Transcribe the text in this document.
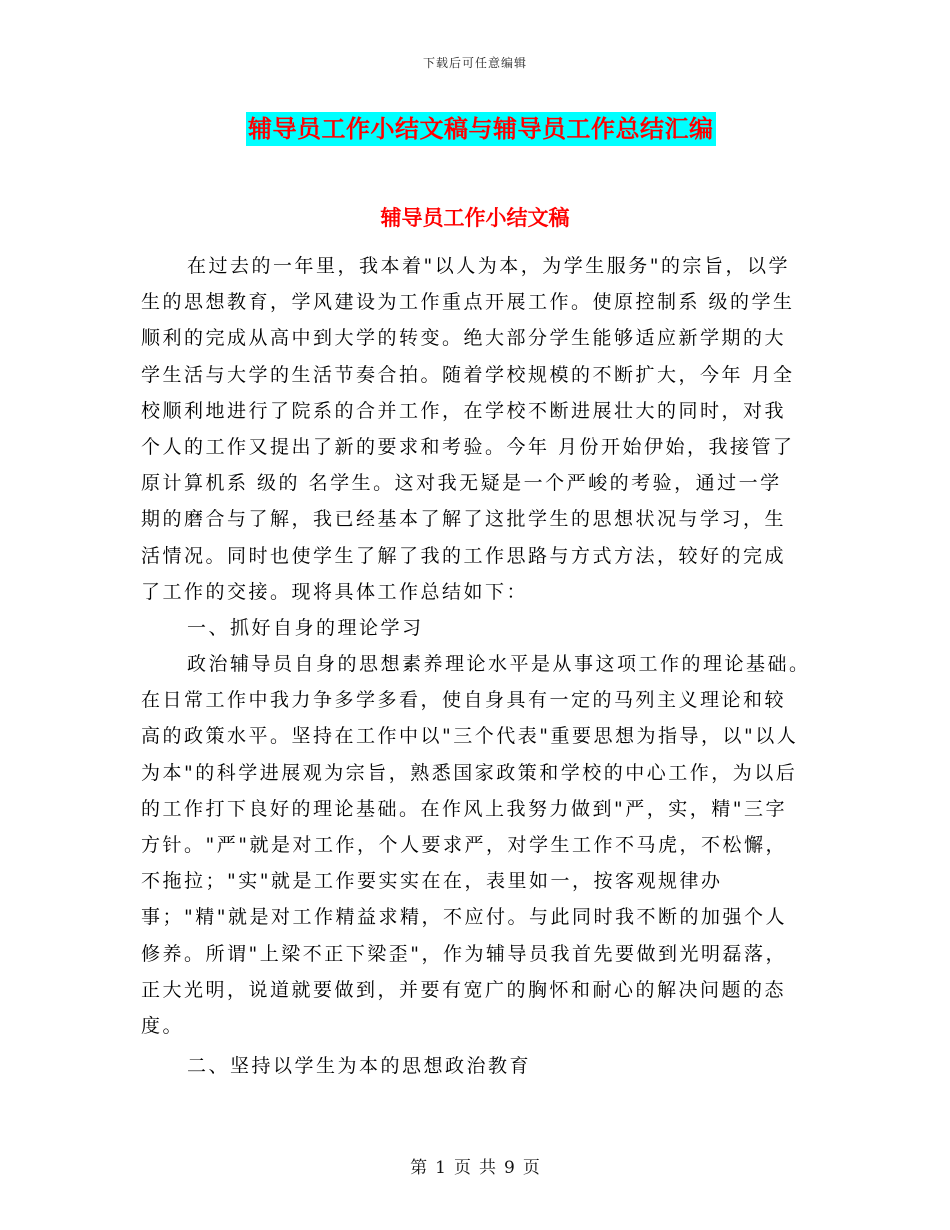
下载后可任意编辑
辅导员工作小结文稿与辅导员工作总结汇编
辅导员工作小结文稿
在过去的一年里，我本着"以人为本，为学生服务"的宗旨，以学
生的思想教育，学风建设为工作重点开展工作。使原控制系 级的学生
顺利的完成从高中到大学的转变。绝大部分学生能够适应新学期的大
学生活与大学的生活节奏合拍。随着学校规模的不断扩大，今年 月全
校顺利地进行了院系的合并工作，在学校不断进展壮大的同时，对我
个人的工作又提出了新的要求和考验。今年 月份开始伊始，我接管了
原计算机系 级的 名学生。这对我无疑是一个严峻的考验，通过一学
期的磨合与了解，我已经基本了解了这批学生的思想状况与学习，生
活情况。同时也使学生了解了我的工作思路与方式方法，较好的完成
了工作的交接。现将具体工作总结如下：
一、抓好自身的理论学习
政治辅导员自身的思想素养理论水平是从事这项工作的理论基础。
在日常工作中我力争多学多看，使自身具有一定的马列主义理论和较
高的政策水平。坚持在工作中以"三个代表"重要思想为指导，以"以人
为本"的科学进展观为宗旨，熟悉国家政策和学校的中心工作，为以后
的工作打下良好的理论基础。在作风上我努力做到"严，实，精"三字
方针。"严"就是对工作，个人要求严，对学生工作不马虎，不松懈，
不拖拉；"实"就是工作要实实在在，表里如一，按客观规律办
事；"精"就是对工作精益求精，不应付。与此同时我不断的加强个人
修养。所谓"上梁不正下梁歪"，作为辅导员我首先要做到光明磊落，
正大光明，说道就要做到，并要有宽广的胸怀和耐心的解决问题的态
度。
二、坚持以学生为本的思想政治教育
第 1 页 共 9 页
